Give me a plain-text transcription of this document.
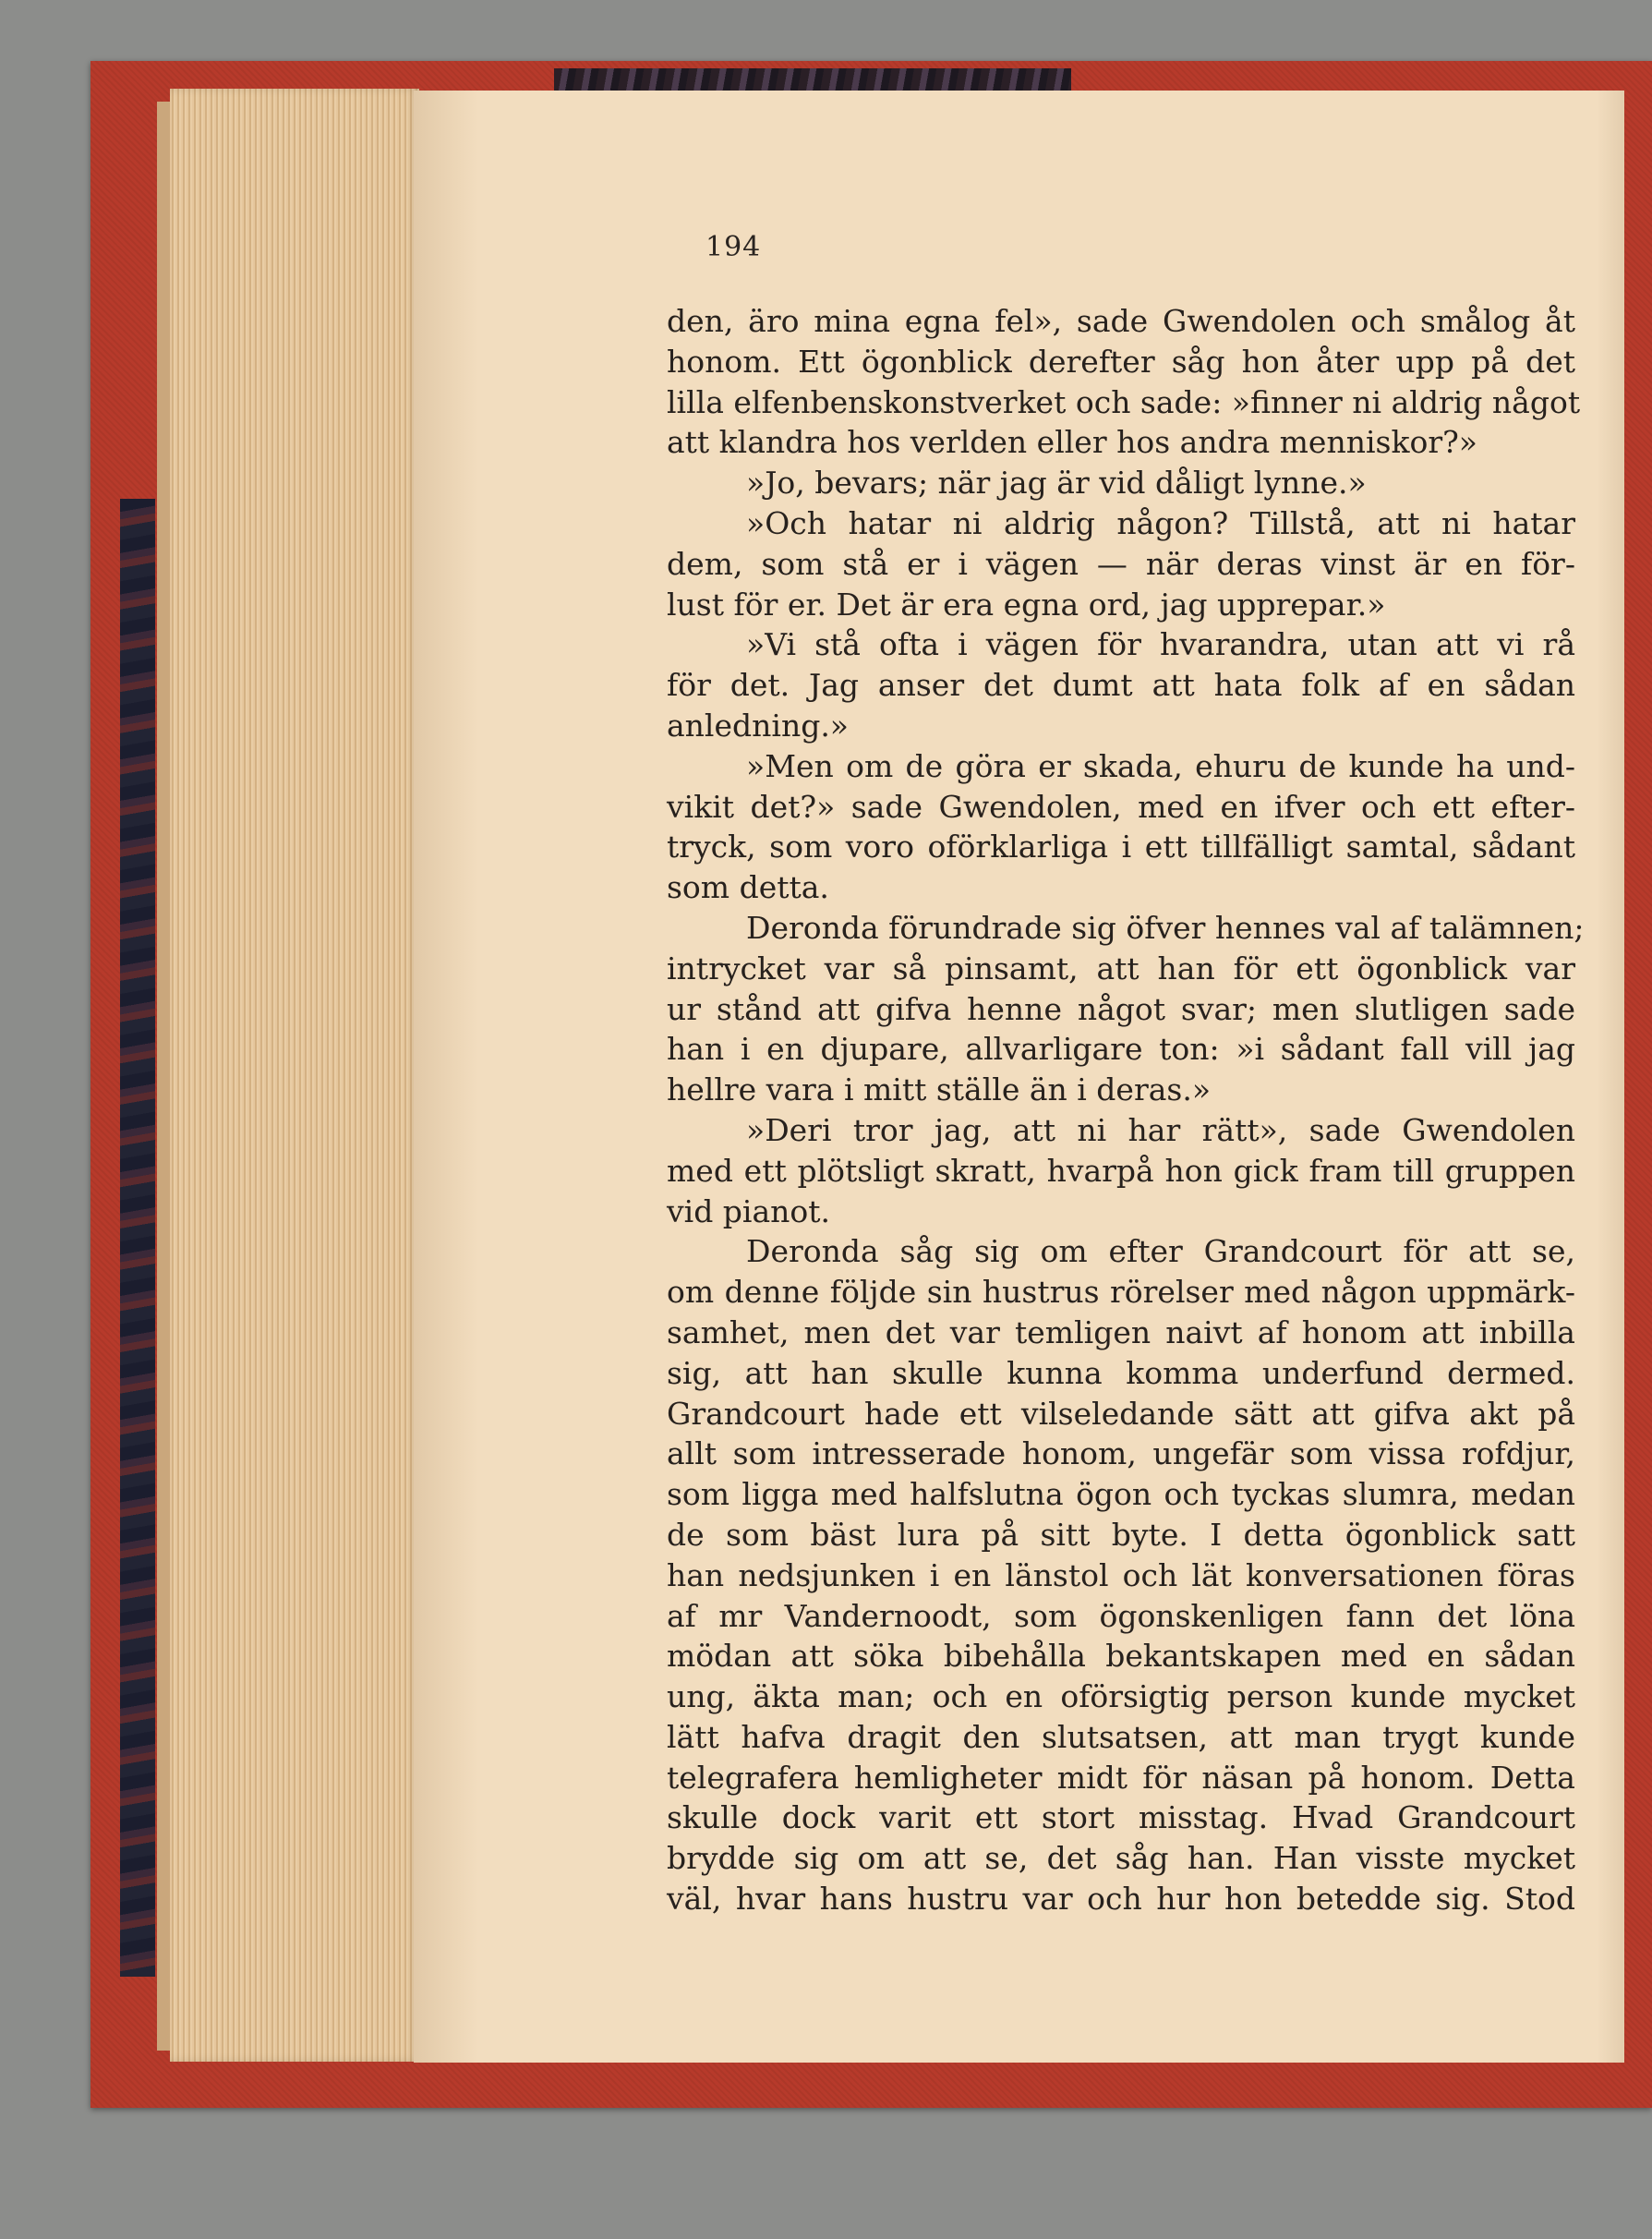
194
den, äro mina egna fel», sade Gwendolen och smålog åt
honom. Ett ögonblick derefter såg hon åter upp på det
lilla elfenbenskonstverket och sade: »finner ni aldrig något
att klandra hos verlden eller hos andra menniskor?»
»Jo, bevars; när jag är vid dåligt lynne.»
»Och hatar ni aldrig någon? Tillstå, att ni hatar
dem, som stå er i vägen — när deras vinst är en för-
lust för er. Det är era egna ord, jag upprepar.»
»Vi stå ofta i vägen för hvarandra, utan att vi rå
för det. Jag anser det dumt att hata folk af en sådan
anledning.»
»Men om de göra er skada, ehuru de kunde ha und-
vikit det?» sade Gwendolen, med en ifver och ett efter-
tryck, som voro oförklarliga i ett tillfälligt samtal, sådant
som detta.
Deronda förundrade sig öfver hennes val af talämnen;
intrycket var så pinsamt, att han för ett ögonblick var
ur stånd att gifva henne något svar; men slutligen sade
han i en djupare, allvarligare ton: »i sådant fall vill jag
hellre vara i mitt ställe än i deras.»
»Deri tror jag, att ni har rätt», sade Gwendolen
med ett plötsligt skratt, hvarpå hon gick fram till gruppen
vid pianot.
Deronda såg sig om efter Grandcourt för att se,
om denne följde sin hustrus rörelser med någon uppmärk-
samhet, men det var temligen naivt af honom att inbilla
sig, att han skulle kunna komma underfund dermed.
Grandcourt hade ett vilseledande sätt att gifva akt på
allt som intresserade honom, ungefär som vissa rofdjur,
som ligga med halfslutna ögon och tyckas slumra, medan
de som bäst lura på sitt byte. I detta ögonblick satt
han nedsjunken i en länstol och lät konversationen föras
af mr Vandernoodt, som ögonskenligen fann det löna
mödan att söka bibehålla bekantskapen med en sådan
ung, äkta man; och en oförsigtig person kunde mycket
lätt hafva dragit den slutsatsen, att man trygt kunde
telegrafera hemligheter midt för näsan på honom. Detta
skulle dock varit ett stort misstag. Hvad Grandcourt
brydde sig om att se, det såg han. Han visste mycket
väl, hvar hans hustru var och hur hon betedde sig. Stod
